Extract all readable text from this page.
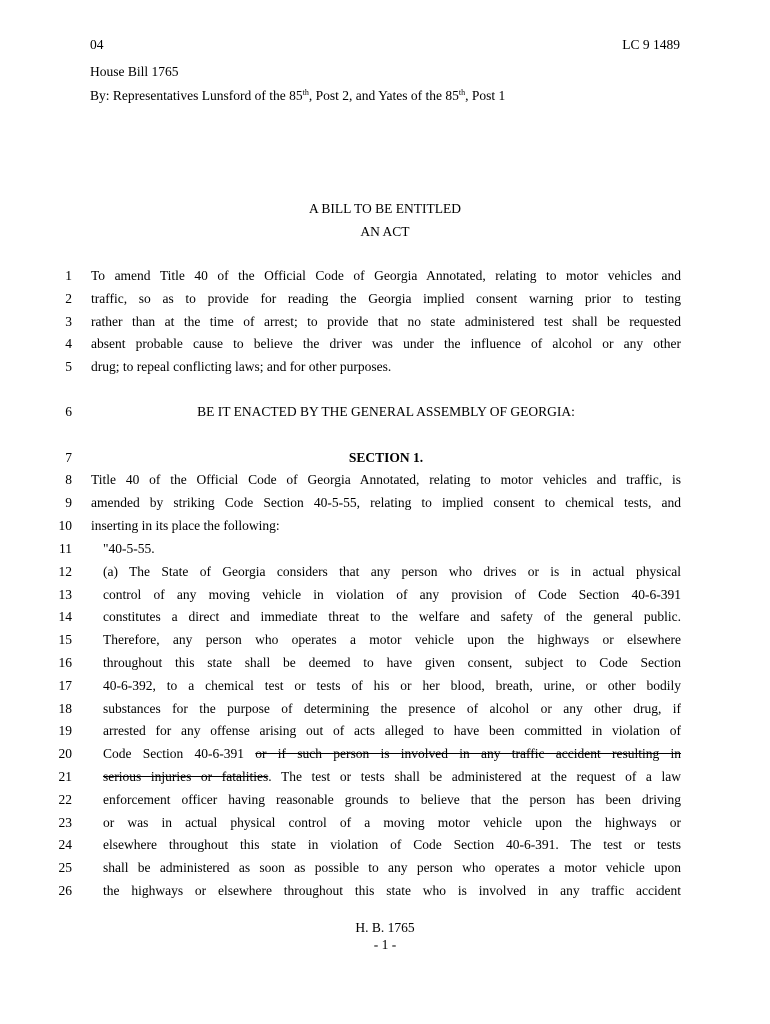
04	LC 9 1489
House Bill 1765
By: Representatives Lunsford of the 85th, Post 2, and Yates of the 85th, Post 1
A BILL TO BE ENTITLED
AN ACT
1 To amend Title 40 of the Official Code of Georgia Annotated, relating to motor vehicles and
2 traffic, so as to provide for reading the Georgia implied consent warning prior to testing
3 rather than at the time of arrest; to provide that no state administered test shall be requested
4 absent probable cause to believe the driver was under the influence of alcohol or any other
5 drug; to repeal conflicting laws; and for other purposes.
6	BE IT ENACTED BY THE GENERAL ASSEMBLY OF GEORGIA:
7	SECTION 1.
8 Title 40 of the Official Code of Georgia Annotated, relating to motor vehicles and traffic, is
9 amended by striking Code Section 40-5-55, relating to implied consent to chemical tests, and
10 inserting in its place the following:
11 "40-5-55.
12 (a) The State of Georgia considers that any person who drives or is in actual physical
13 control of any moving vehicle in violation of any provision of Code Section 40-6-391
14 constitutes a direct and immediate threat to the welfare and safety of the general public.
15 Therefore, any person who operates a motor vehicle upon the highways or elsewhere
16 throughout this state shall be deemed to have given consent, subject to Code Section
17 40-6-392, to a chemical test or tests of his or her blood, breath, urine, or other bodily
18 substances for the purpose of determining the presence of alcohol or any other drug, if
19 arrested for any offense arising out of acts alleged to have been committed in violation of
20 Code Section 40-6-391 or if such person is involved in any traffic accident resulting in
21 serious injuries or fatalities. The test or tests shall be administered at the request of a law
22 enforcement officer having reasonable grounds to believe that the person has been driving
23 or was in actual physical control of a moving motor vehicle upon the highways or
24 elsewhere throughout this state in violation of Code Section 40-6-391. The test or tests
25 shall be administered as soon as possible to any person who operates a motor vehicle upon
26 the highways or elsewhere throughout this state who is involved in any traffic accident
H. B. 1765
- 1 -
